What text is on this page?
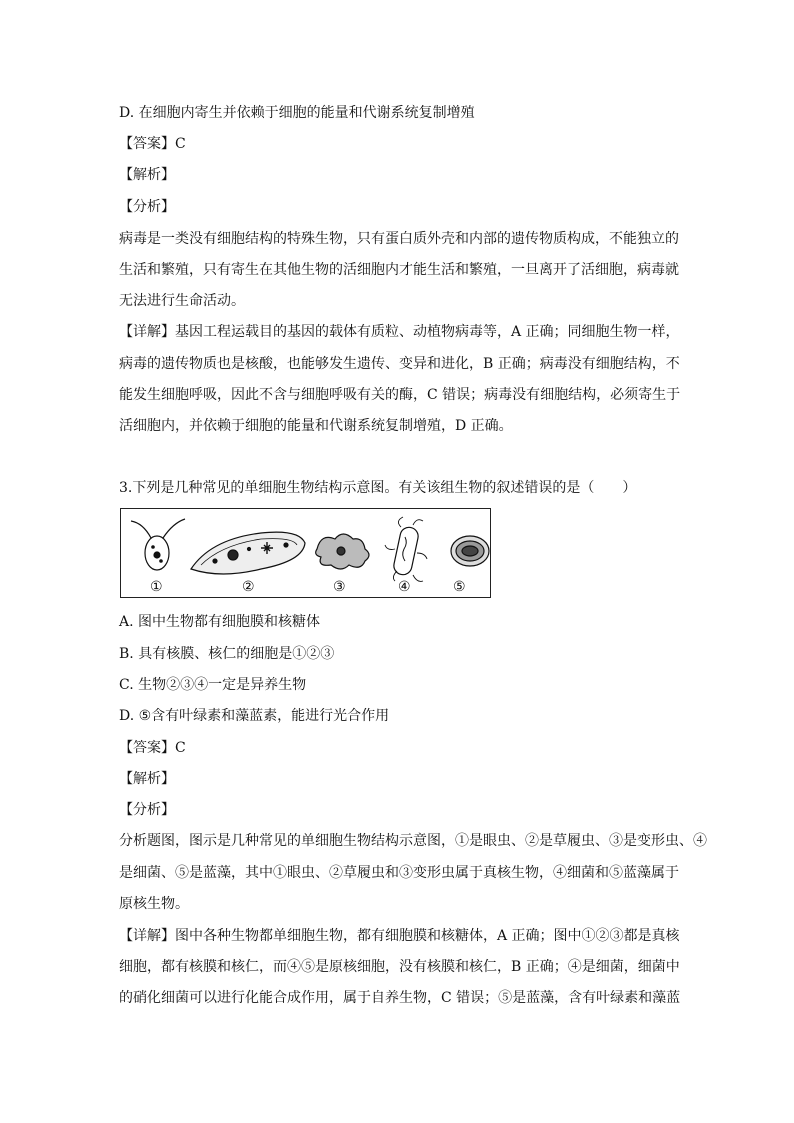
D. 在细胞内寄生并依赖于细胞的能量和代谢系统复制增殖
【答案】C
【解析】
【分析】
病毒是一类没有细胞结构的特殊生物，只有蛋白质外壳和内部的遗传物质构成，不能独立的
生活和繁殖，只有寄生在其他生物的活细胞内才能生活和繁殖，一旦离开了活细胞，病毒就
无法进行生命活动。
【详解】基因工程运载目的基因的载体有质粒、动植物病毒等，A 正确；同细胞生物一样，
病毒的遗传物质也是核酸，也能够发生遗传、变异和进化，B 正确；病毒没有细胞结构，不
能发生细胞呼吸，因此不含与细胞呼吸有关的酶，C 错误；病毒没有细胞结构，必须寄生于
活细胞内，并依赖于细胞的能量和代谢系统复制增殖，D 正确。
3.下列是几种常见的单细胞生物结构示意图。有关该组生物的叙述错误的是（　　）
①	②	③	④	⑤
A. 图中生物都有细胞膜和核糖体
B. 具有核膜、核仁的细胞是①②③
C. 生物②③④一定是异养生物
D. ⑤含有叶绿素和藻蓝素，能进行光合作用
【答案】C
【解析】
【分析】
分析题图，图示是几种常见的单细胞生物结构示意图，①是眼虫、②是草履虫、③是变形虫、④
是细菌、⑤是蓝藻，其中①眼虫、②草履虫和③变形虫属于真核生物，④细菌和⑤蓝藻属于
原核生物。
【详解】图中各种生物都单细胞生物，都有细胞膜和核糖体，A 正确；图中①②③都是真核
细胞，都有核膜和核仁，而④⑤是原核细胞，没有核膜和核仁，B 正确；④是细菌，细菌中
的硝化细菌可以进行化能合成作用，属于自养生物，C 错误；⑤是蓝藻，含有叶绿素和藻蓝
